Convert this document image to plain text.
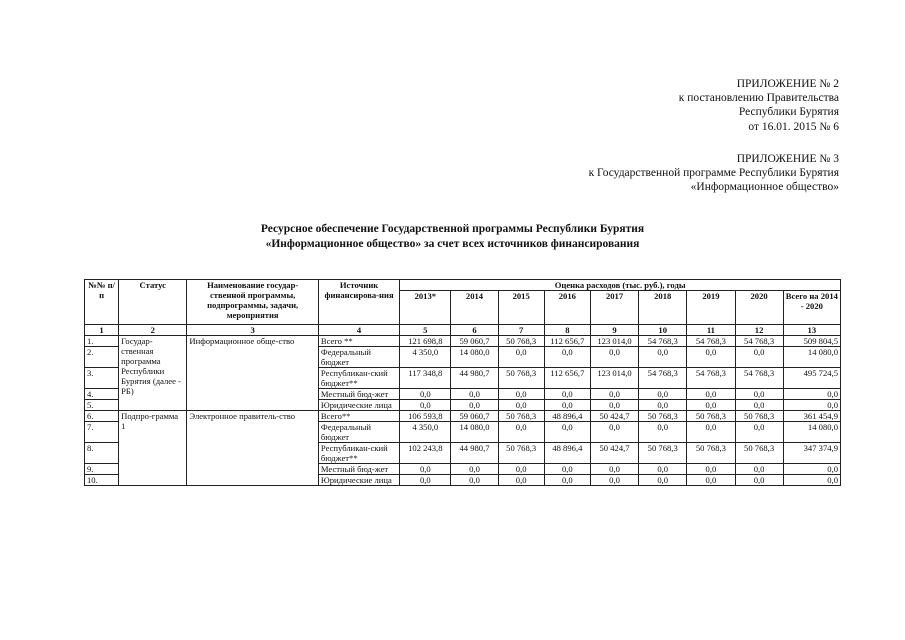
ПРИЛОЖЕНИЕ № 2
к постановлению Правительства
Республики Бурятия
от 16.01. 2015 № 6
ПРИЛОЖЕНИЕ № 3
к Государственной программе Республики Бурятия
«Информационное общество»
Ресурсное обеспечение Государственной программы Республики Бурятия
«Информационное общество» за счет всех источников финансирования
№№ п/п	Статус	Наименование государ-ственной программы, подпрограммы, задачи, мероприятия	Источник финансирова-ния	Оценка расходов (тыс. руб.), годы								
				2013*	2014	2015	2016	2017	2018	2019	2020	Всего на 2014 - 2020
1	2	3	4	5	6	7	8	9	10	11	12	13
1.	Государ-ственная программа Республики Бурятия (далее - РБ)	Информационное обще-ство	Всего **	121 698,8	59 060,7	50 768,3	112 656,7	123 014,0	54 768,3	54 768,3	54 768,3	509 804,5
2.			Федеральный бюджет	4 350,0	14 080,0	0,0	0,0	0,0	0,0	0,0	0,0	14 080,0
3.			Республикан-ский бюджет**	117 348,8	44 980,7	50 768,3	112 656,7	123 014,0	54 768,3	54 768,3	54 768,3	495 724,5
4.			Местный бюд-жет	0,0	0,0	0,0	0,0	0,0	0,0	0,0	0,0	0,0
5.			Юридические лица	0,0	0,0	0,0	0,0	0,0	0,0	0,0	0,0	0,0
6.	Подпро-грамма 1	Электронное правитель-ство	Всего**	106 593,8	59 060,7	50 768,3	48 896,4	50 424,7	50 768,3	50 768,3	50 768,3	361 454,9
7.			Федеральный бюджет	4 350,0	14 080,0	0,0	0,0	0,0	0,0	0,0	0,0	14 080,0
8.			Республикан-ский бюджет**	102 243,8	44 980,7	50 768,3	48 896,4	50 424,7	50 768,3	50 768,3	50 768,3	347 374,9
9.			Местный бюд-жет	0,0	0,0	0,0	0,0	0,0	0,0	0,0	0,0	0,0
10.			Юридические лица	0,0	0,0	0,0	0,0	0,0	0,0	0,0	0,0	0,0
